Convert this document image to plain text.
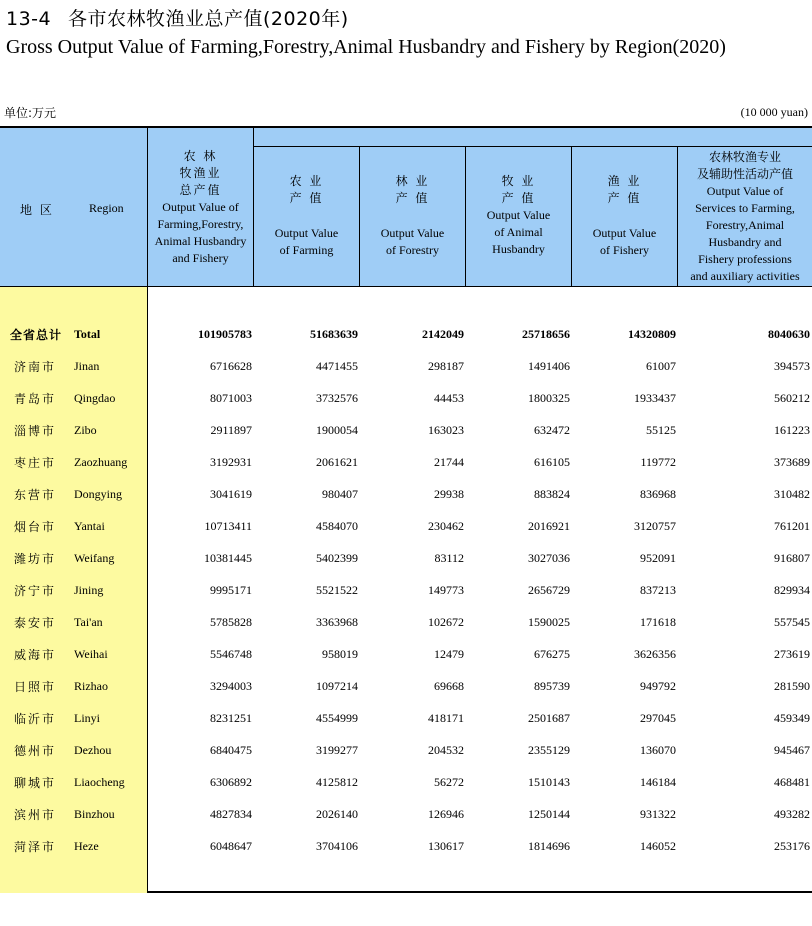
13-4 各市农林牧渔业总产值(2020年)
Gross Output Value of Farming,Forestry,Animal Husbandry and Fishery by Region(2020)
单位:万元	(10 000 yuan)
地 区	Region
农 林
牧渔业
总产值
Output Value of
Farming,Forestry,
Animal Husbandry
and Fishery
农 业
产 值
Output Value
of Farming
林 业
产 值
Output Value
of Forestry
牧 业
产 值
Output Value
of Animal
Husbandry
渔 业
产 值
Output Value
of Fishery
农林牧渔专业
及辅助性活动产值
Output Value of
Services to Farming,
Forestry,Animal
Husbandry and
Fishery professions
and auxiliary activities
全省总计 Total	101905783	51683639	2142049	25718656	14320809	8040630
济南市 Jinan	6716628	4471455	298187	1491406	61007	394573
青岛市 Qingdao	8071003	3732576	44453	1800325	1933437	560212
淄博市 Zibo	2911897	1900054	163023	632472	55125	161223
枣庄市 Zaozhuang	3192931	2061621	21744	616105	119772	373689
东营市 Dongying	3041619	980407	29938	883824	836968	310482
烟台市 Yantai	10713411	4584070	230462	2016921	3120757	761201
潍坊市 Weifang	10381445	5402399	83112	3027036	952091	916807
济宁市 Jining	9995171	5521522	149773	2656729	837213	829934
泰安市 Tai'an	5785828	3363968	102672	1590025	171618	557545
威海市 Weihai	5546748	958019	12479	676275	3626356	273619
日照市 Rizhao	3294003	1097214	69668	895739	949792	281590
临沂市 Linyi	8231251	4554999	418171	2501687	297045	459349
德州市 Dezhou	6840475	3199277	204532	2355129	136070	945467
聊城市 Liaocheng	6306892	4125812	56272	1510143	146184	468481
滨州市 Binzhou	4827834	2026140	126946	1250144	931322	493282
菏泽市 Heze	6048647	3704106	130617	1814696	146052	253176
